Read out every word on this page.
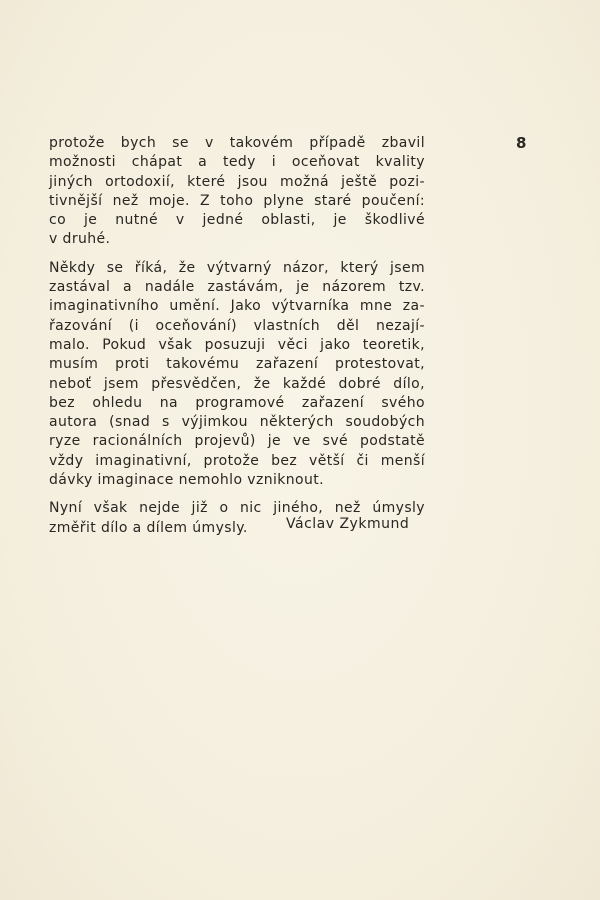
8

protože bych se v takovém případě zbavil
možnosti chápat a tedy i oceňovat kvality
jiných ortodoxií, které jsou možná ještě pozi-
tivnější než moje. Z toho plyne staré poučení:
co je nutné v jedné oblasti, je škodlivé
v druhé.

Někdy se říká, že výtvarný názor, který jsem
zastával a nadále zastávám, je názorem tzv.
imaginativního umění. Jako výtvarníka mne za-
řazování (i oceňování) vlastních děl nezají-
malo. Pokud však posuzuji věci jako teoretik,
musím proti takovému zařazení protestovat,
neboť jsem přesvědčen, že každé dobré dílo,
bez ohledu na programové zařazení svého
autora (snad s výjimkou některých soudobých
ryze racionálních projevů) je ve své podstatě
vždy imaginativní, protože bez větší či menší
dávky imaginace nemohlo vzniknout.

Nyní však nejde již o nic jiného, než úmysly
změřit dílo a dílem úmysly.	Václav Zykmund
